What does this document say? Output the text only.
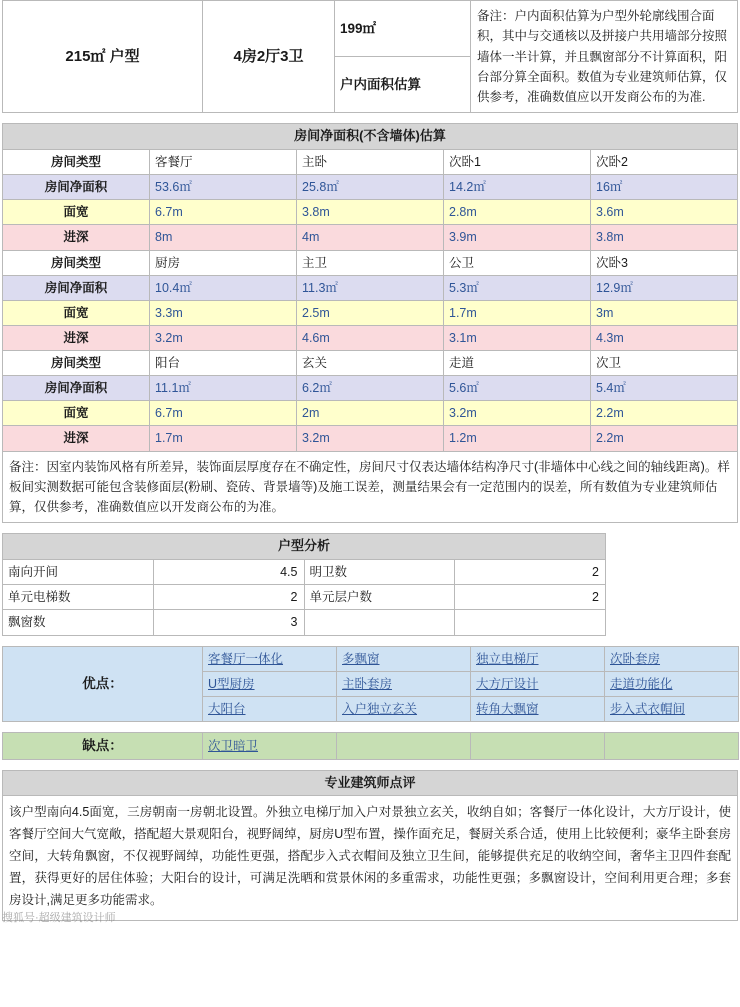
215㎡ 户型	4房2厅3卫	199㎡	备注：户内面积估算为户型外轮廓线围合面积，其中与交通核以及拼接户共用墙部分按照墙体一半计算，并且飘窗部分不计算面积，阳台部分算全面积。数值为专业建筑师估算，仅供参考，准确数值应以开发商公布的为准.
户内面积估算
房间净面积(不含墙体)估算				
房间类型	客餐厅	主卧	次卧1	次卧2
房间净面积	53.6㎡	25.8㎡	14.2㎡	16㎡
面宽	6.7m	3.8m	2.8m	3.6m
进深	8m	4m	3.9m	3.8m
房间类型	厨房	主卫	公卫	次卧3
房间净面积	10.4㎡	11.3㎡	5.3㎡	12.9㎡
面宽	3.3m	2.5m	1.7m	3m
进深	3.2m	4.6m	3.1m	4.3m
房间类型	阳台	玄关	走道	次卫
房间净面积	11.1㎡	6.2㎡	5.6㎡	5.4㎡
面宽	6.7m	2m	3.2m	2.2m
进深	1.7m	3.2m	1.2m	2.2m
备注：因室内装饰风格有所差异，装饰面层厚度存在不确定性，房间尺寸仅表达墙体结构净尺寸(非墙体中心线之间的轴线距离)。样板间实测数据可能包含装修面层(粉刷、瓷砖、背景墙等)及施工误差，测量结果会有一定范围内的误差，所有数值为专业建筑师估算，仅供参考，准确数值应以开发商公布的为准。				
户型分析			
南向开间	4.5	明卫数	2
单元电梯数	2	单元层户数	2
飘窗数	3		
优点：	客餐厅一体化	多飘窗	独立电梯厅	次卧套房
	U型厨房	主卧套房	大方厅设计	走道功能化
	大阳台	入户独立玄关	转角大飘窗	步入式衣帽间
缺点：	次卫暗卫			
专业建筑师点评
该户型南向4.5面宽，三房朝南一房朝北设置。外独立电梯厅加入户对景独立玄关，收纳自如；客餐厅一体化设计，大方厅设计，使客餐厅空间大气宽敞，搭配超大景观阳台，视野阔绰，厨房U型布置，操作面充足，餐厨关系合适，使用上比较便利；豪华主卧套房空间，大转角飘窗，不仅视野阔绰，功能性更强，搭配步入式衣帽间及独立卫生间，能够提供充足的收纳空间，奢华主卫四件套配置，获得更好的居住体验；大阳台的设计，可满足洗晒和赏景休闲的多重需求，功能性更强；多飘窗设计，空间利用更合理；多套房设计,满足更多功能需求。
搜狐号·超级建筑设计师
